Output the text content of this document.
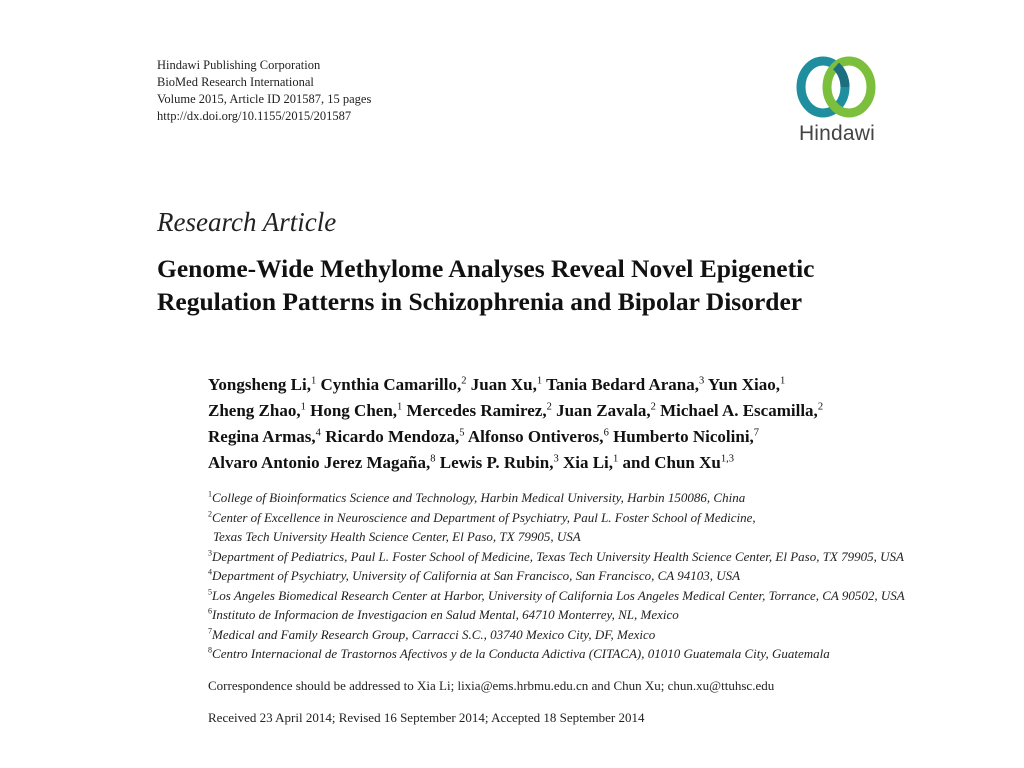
Hindawi Publishing Corporation
BioMed Research International
Volume 2015, Article ID 201587, 15 pages
http://dx.doi.org/10.1155/2015/201587
Hindawi
Research Article
Genome-Wide Methylome Analyses Reveal Novel Epigenetic
Regulation Patterns in Schizophrenia and Bipolar Disorder
Yongsheng Li,$^1$ Cynthia Camarillo,$^2$ Juan Xu,$^1$ Tania Bedard Arana,$^3$ Yun Xiao,$^1$
Zheng Zhao,$^1$ Hong Chen,$^1$ Mercedes Ramirez,$^2$ Juan Zavala,$^2$ Michael A. Escamilla,$^2$
Regina Armas,$^4$ Ricardo Mendoza,$^5$ Alfonso Ontiveros,$^6$ Humberto Nicolini,$^7$
Alvaro Antonio Jerez Magaña,$^8$ Lewis P. Rubin,$^3$ Xia Li,$^1$ and Chun Xu$^{1,3}$
$^1$College of Bioinformatics Science and Technology, Harbin Medical University, Harbin 150086, China
$^2$Center of Excellence in Neuroscience and Department of Psychiatry, Paul L. Foster School of Medicine,
Texas Tech University Health Science Center, El Paso, TX 79905, USA
$^3$Department of Pediatrics, Paul L. Foster School of Medicine, Texas Tech University Health Science Center, El Paso, TX 79905, USA
$^4$Department of Psychiatry, University of California at San Francisco, San Francisco, CA 94103, USA
$^5$Los Angeles Biomedical Research Center at Harbor, University of California Los Angeles Medical Center, Torrance, CA 90502, USA
$^6$Instituto de Informacion de Investigacion en Salud Mental, 64710 Monterrey, NL, Mexico
$^7$Medical and Family Research Group, Carracci S.C., 03740 Mexico City, DF, Mexico
$^8$Centro Internacional de Trastornos Afectivos y de la Conducta Adictiva (CITACA), 01010 Guatemala City, Guatemala
Correspondence should be addressed to Xia Li; lixia@ems.hrbmu.edu.cn and Chun Xu; chun.xu@ttuhsc.edu
Received 23 April 2014; Revised 16 September 2014; Accepted 18 September 2014
